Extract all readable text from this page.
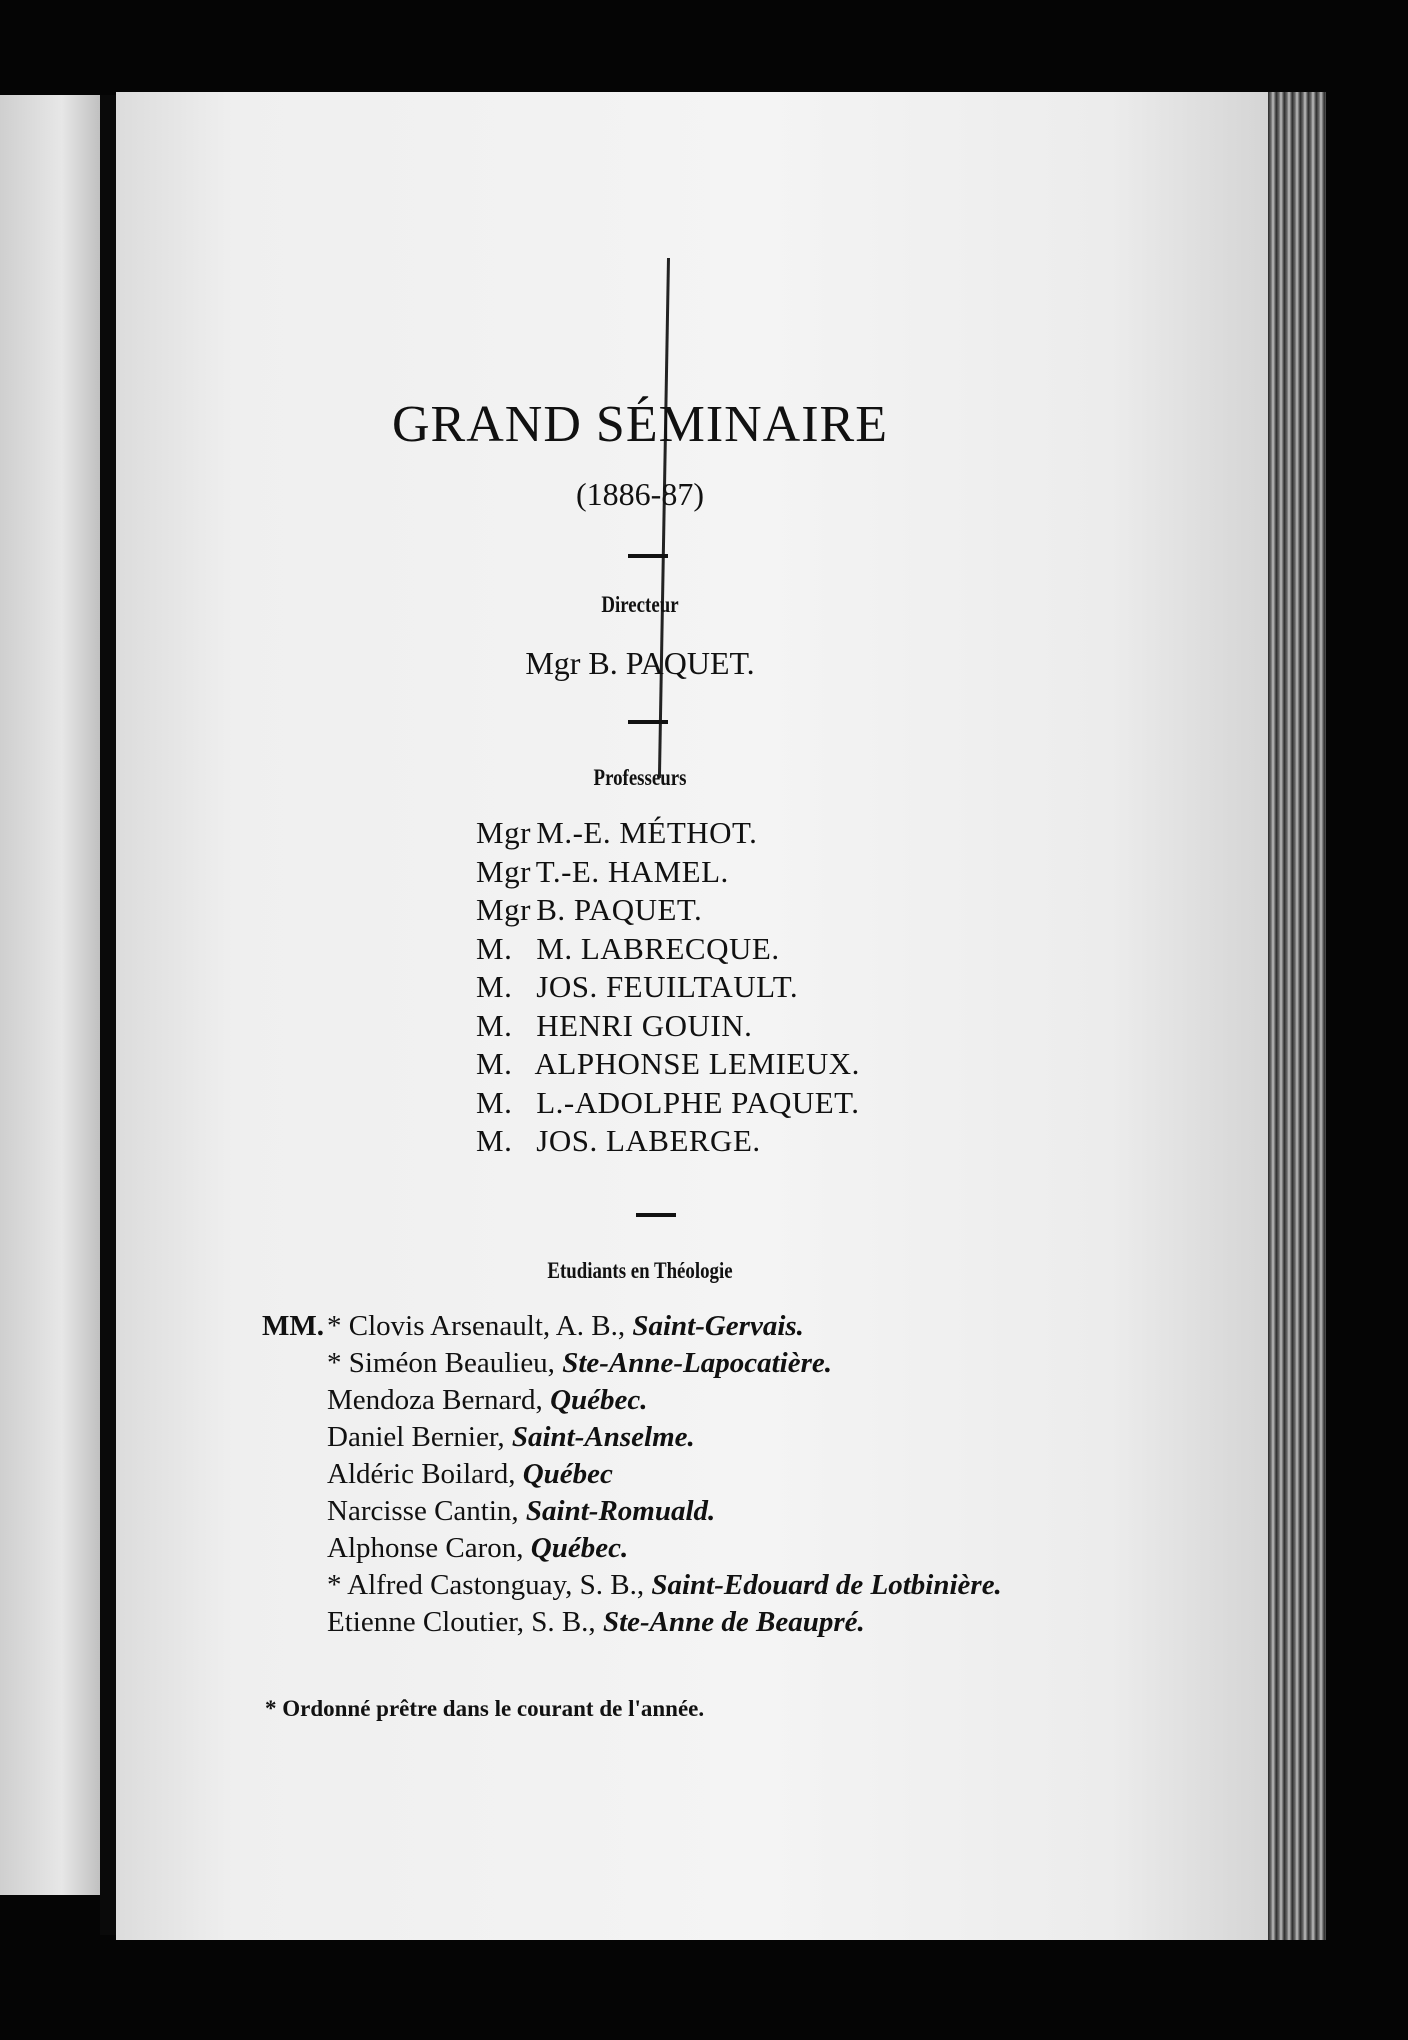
GRAND SÉMINAIRE
(1886-87)
Directeur
Mgr B. PAQUET.
Professeurs
Mgr M.-E. MÉTHOT.
Mgr T.-E. HAMEL.
Mgr B. PAQUET.
M. M. LABRECQUE.
M. JOS. FEUILTAULT.
M. HENRI GOUIN.
M. ALPHONSE LEMIEUX.
M. L.-ADOLPHE PAQUET.
M. JOS. LABERGE.
Etudiants en Théologie
MM. * Clovis Arsenault, A. B., Saint-Gervais.
* Siméon Beaulieu, Ste-Anne-Lapocatière.
Mendoza Bernard, Québec.
Daniel Bernier, Saint-Anselme.
Aldéric Boilard, Québec
Narcisse Cantin, Saint-Romuald.
Alphonse Caron, Québec.
* Alfred Castonguay, S. B., Saint-Edouard de Lotbinière.
Etienne Cloutier, S. B., Ste-Anne de Beaupré.
* Ordonné prêtre dans le courant de l'année.
